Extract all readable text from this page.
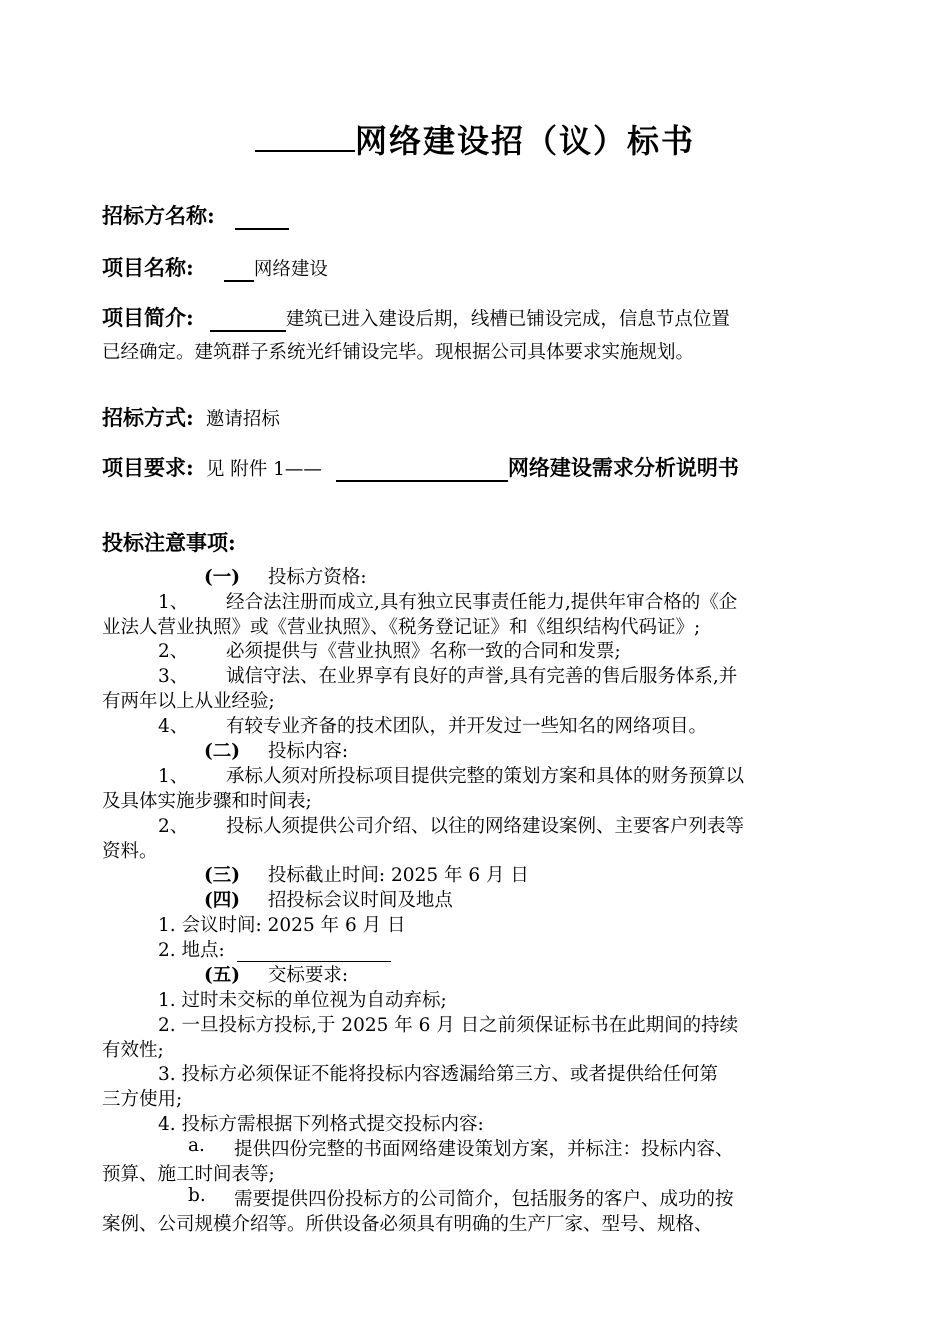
网络建设招（议）标书
招标方名称:
项目名称:	网络建设
项目简介:	建筑已进入建设后期，线槽已铺设完成，信息节点位置
已经确定。建筑群子系统光纤铺设完毕。现根据公司具体要求实施规划。
招标方式: 邀请招标
项目要求: 见 附件 1——	网络建设需求分析说明书
投标注意事项:
(一) 投标方资格:
1、 经合法注册而成立,具有独立民事责任能力,提供年审合格的《企
业法人营业执照》或《营业执照》、《税务登记证》和《组织结构代码证》;
2、 必须提供与《营业执照》名称一致的合同和发票;
3、 诚信守法、在业界享有良好的声誉,具有完善的售后服务体系,并
有两年以上从业经验;
4、 有较专业齐备的技术团队，并开发过一些知名的网络项目。
(二) 投标内容:
1、 承标人须对所投标项目提供完整的策划方案和具体的财务预算以
及具体实施步骤和时间表;
2、 投标人须提供公司介绍、以往的网络建设案例、主要客户列表等
资料。
(三) 投标截止时间: 2025 年 6 月 日
(四) 招投标会议时间及地点
1. 会议时间: 2025 年 6 月 日
2. 地点:
(五) 交标要求:
1. 过时未交标的单位视为自动弃标;
2. 一旦投标方投标,于 2025 年 6 月 日之前须保证标书在此期间的持续
有效性;
3. 投标方必须保证不能将投标内容透漏给第三方、或者提供给任何第
三方使用;
4. 投标方需根据下列格式提交投标内容:
a. 提供四份完整的书面网络建设策划方案，并标注：投标内容、
预算、施工时间表等;
b. 需要提供四份投标方的公司简介，包括服务的客户、成功的按
案例、公司规模介绍等。所供设备必须具有明确的生产厂家、型号、规格、
